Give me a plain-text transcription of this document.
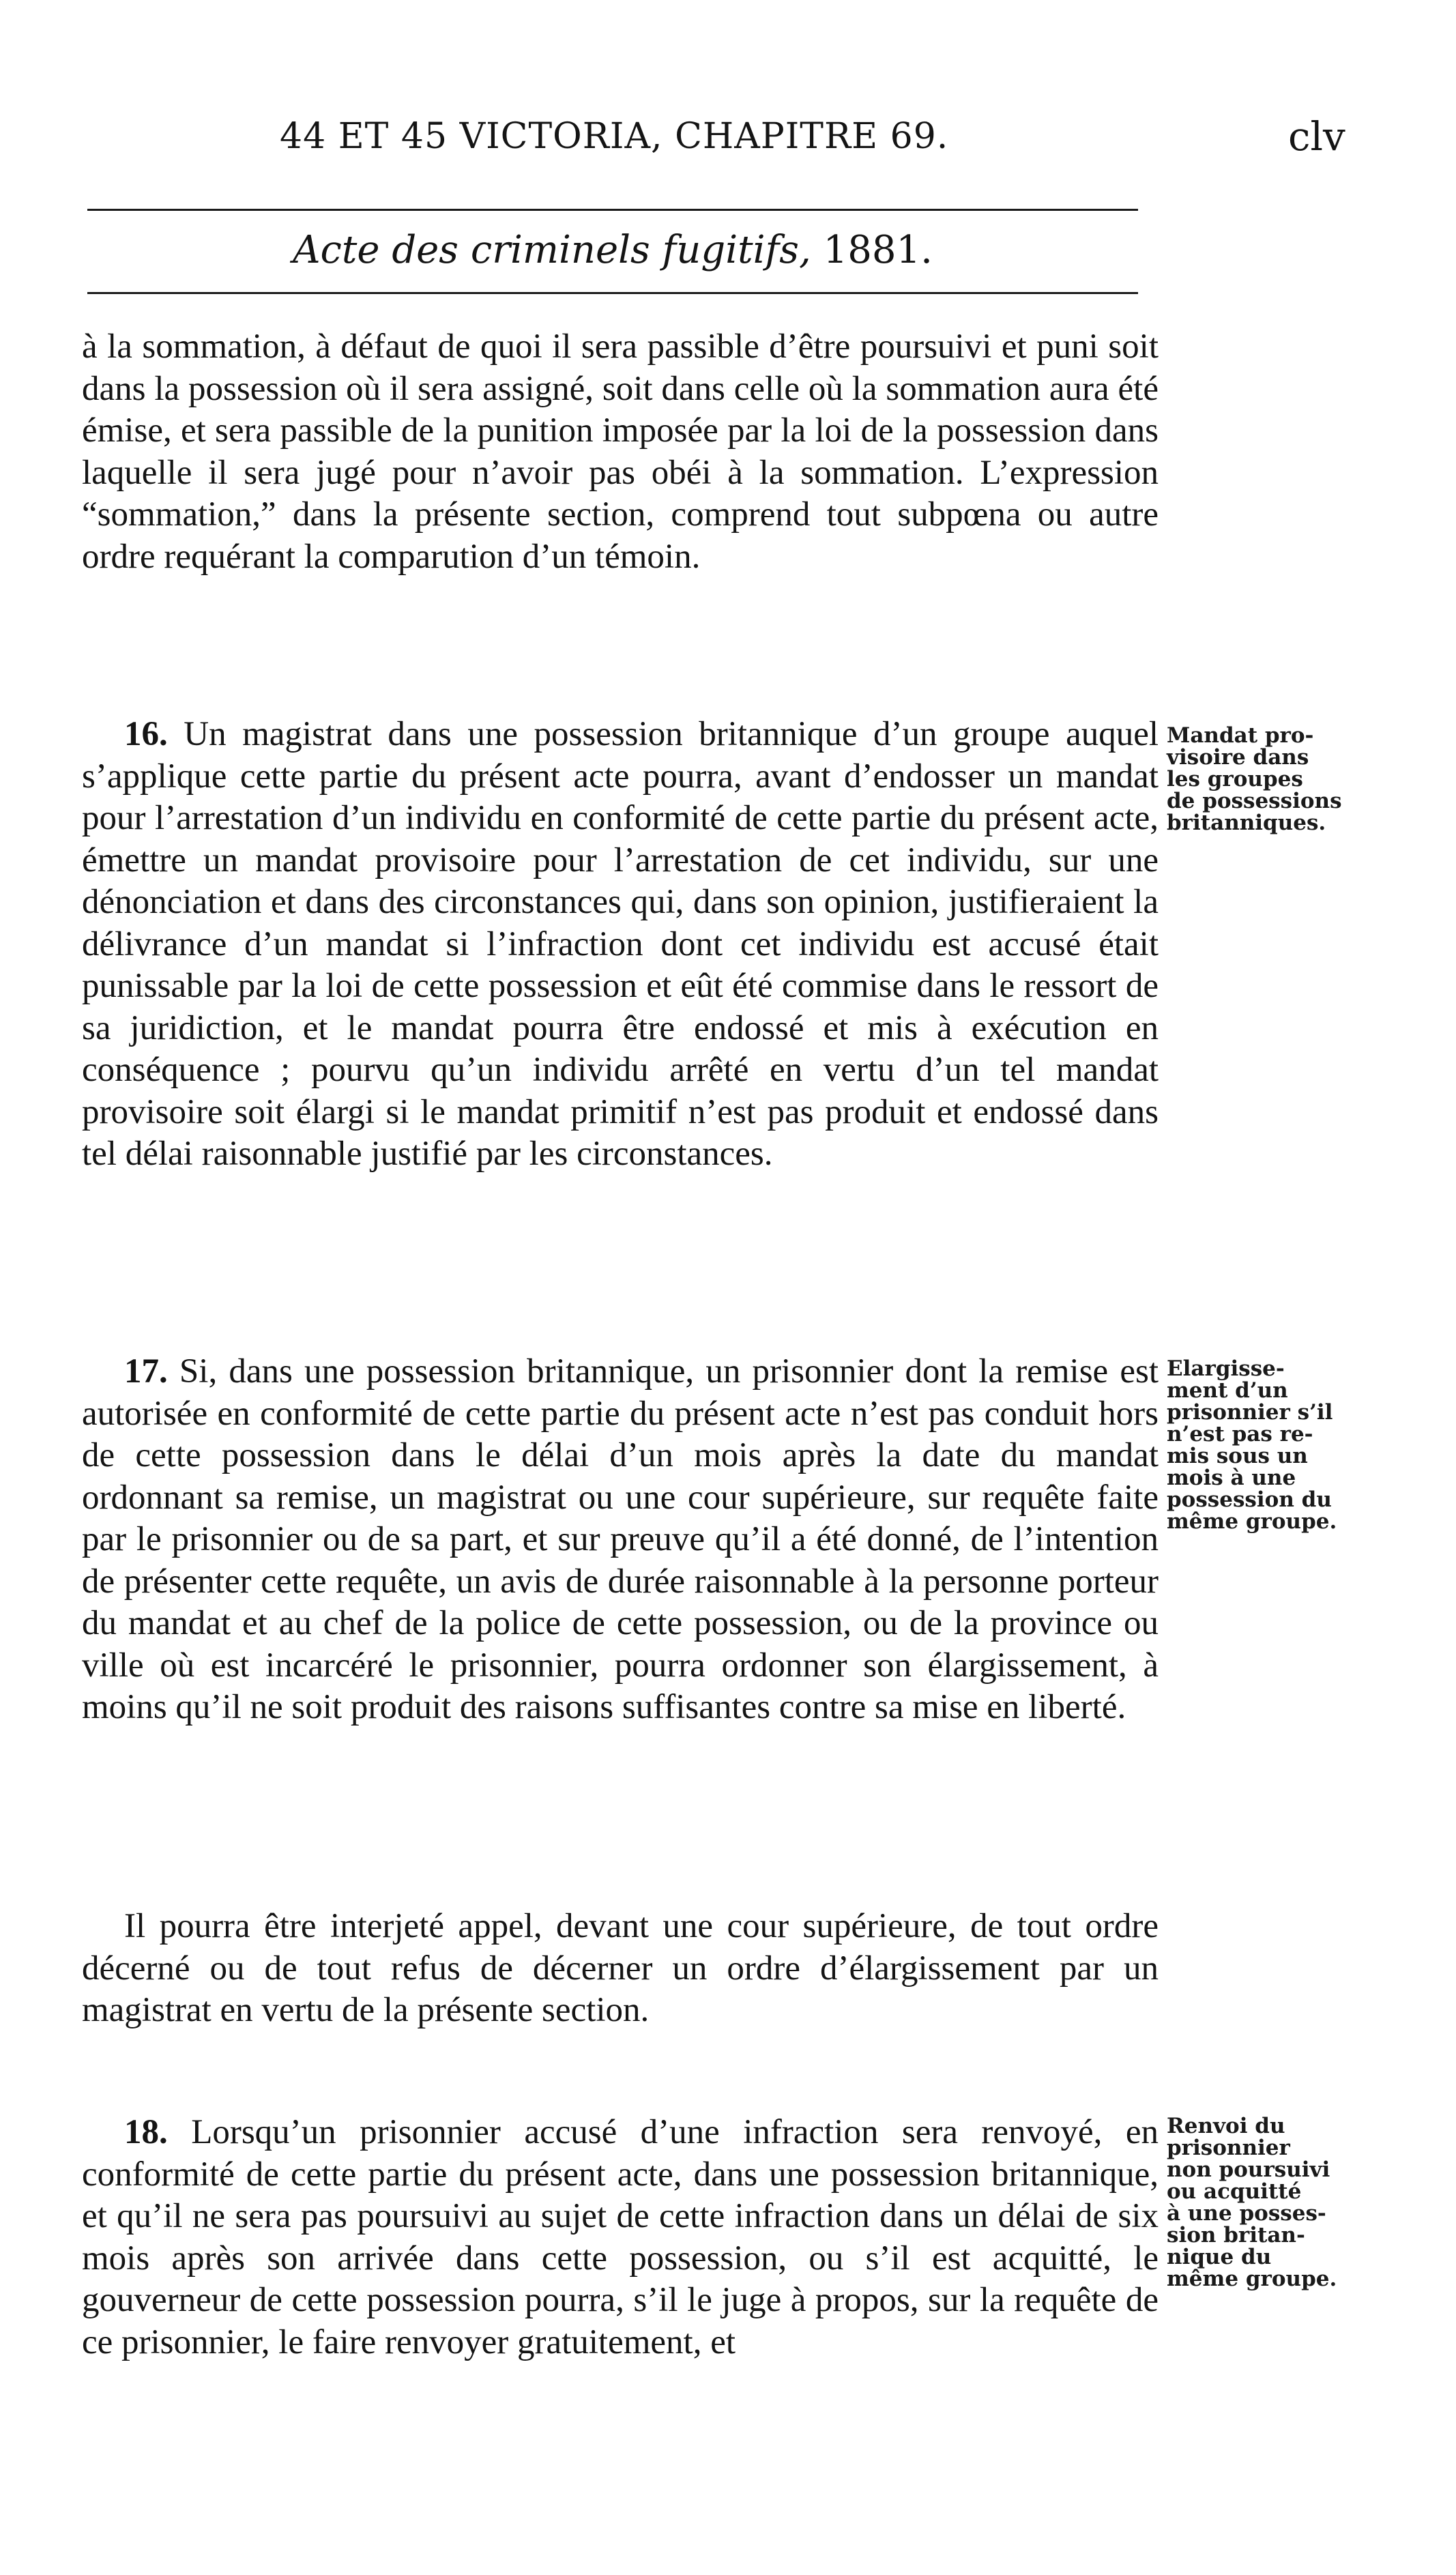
44 ET 45 VICTORIA, CHAPITRE 69.	clv
Acte des criminels fugitifs, 1881.

à la sommation, à défaut de quoi il sera passible d’être poursuivi et puni soit dans la possession où il sera assigné, soit dans celle où la sommation aura été émise, et sera passible de la punition imposée par la loi de la possession dans laquelle il sera jugé pour n’avoir pas obéi à la sommation. L’expression “sommation,” dans la présente section, comprend tout subpœna ou autre ordre requérant la comparution d’un témoin.

16. Un magistrat dans une possession britannique d’un groupe auquel s’applique cette partie du présent acte pourra, avant d’endosser un mandat pour l’arrestation d’un individu en conformité de cette partie du présent acte, émettre un mandat provisoire pour l’arrestation de cet individu, sur une dénonciation et dans des circonstances qui, dans son opinion, justifieraient la délivrance d’un mandat si l’infraction dont cet individu est accusé était punissable par la loi de cette possession et eût été commise dans le ressort de sa juridiction, et le mandat pourra être endossé et mis à exécution en conséquence ; pourvu qu’un individu arrêté en vertu d’un tel mandat provisoire soit élargi si le mandat primitif n’est pas produit et endossé dans tel délai raisonnable justifié par les circonstances.

Mandat pro-
visoire dans
les groupes
de possessions
britanniques.

17. Si, dans une possession britannique, un prisonnier dont la remise est autorisée en conformité de cette partie du présent acte n’est pas conduit hors de cette possession dans le délai d’un mois après la date du mandat ordonnant sa remise, un magistrat ou une cour supérieure, sur requête faite par le prisonnier ou de sa part, et sur preuve qu’il a été donné, de l’intention de présenter cette requête, un avis de durée raisonnable à la personne porteur du mandat et au chef de la police de cette possession, ou de la province ou ville où est incarcéré le prisonnier, pourra ordonner son élargissement, à moins qu’il ne soit produit des raisons suffisantes contre sa mise en liberté.

Elargisse-
ment d’un
prisonnier s’il
n’est pas re-
mis sous un
mois à une
possession du
même groupe.

Il pourra être interjeté appel, devant une cour supérieure, de tout ordre décerné ou de tout refus de décerner un ordre d’élargissement par un magistrat en vertu de la présente section.

18. Lorsqu’un prisonnier accusé d’une infraction sera renvoyé, en conformité de cette partie du présent acte, dans une possession britannique, et qu’il ne sera pas poursuivi au sujet de cette infraction dans un délai de six mois après son arrivée dans cette possession, ou s’il est acquitté, le gouverneur de cette possession pourra, s’il le juge à propos, sur la requête de ce prisonnier, le faire renvoyer gratuitement, et

Renvoi du
prisonnier
non poursuivi
ou acquitté
à une posses-
sion britan-
nique du
même groupe.
